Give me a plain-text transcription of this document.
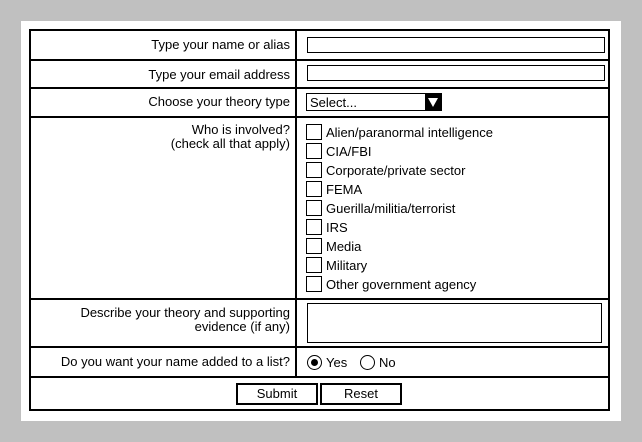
Type your name or alias
Type your email address
Choose your theory type	Select...
Who is involved?
(check all that apply)
Alien/paranormal intelligence
CIA/FBI
Corporate/private sector
FEMA
Guerilla/militia/terrorist
IRS
Media
Military
Other government agency
Describe your theory and supporting
evidence (if any)
Do you want your name added to a list?	Yes No
Submit	Reset
